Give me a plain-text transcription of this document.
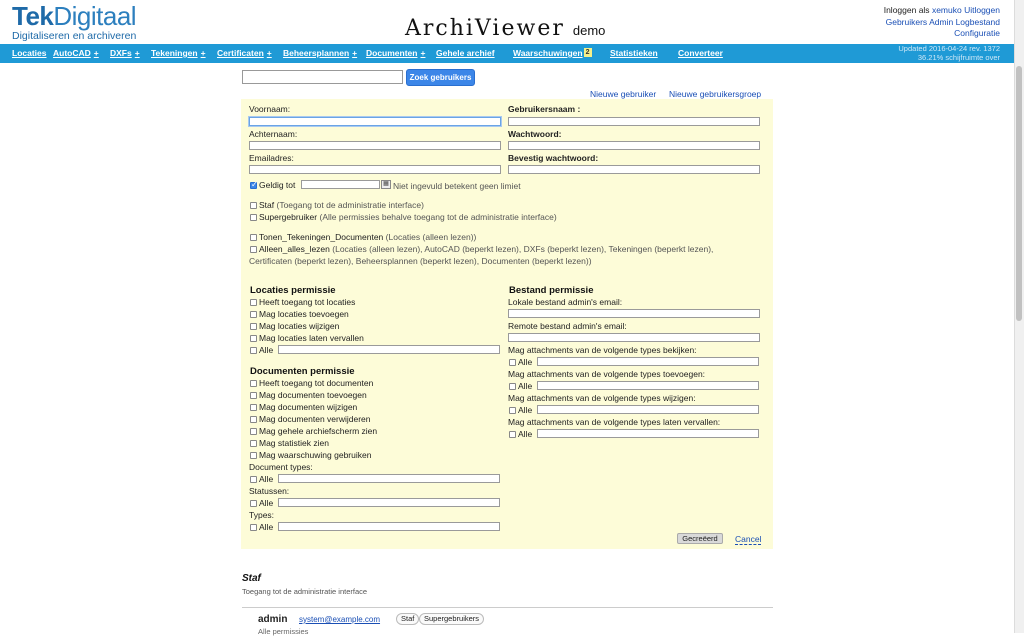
TekDigitaal
Digitaliseren en archiveren	ArchiViewer demo
Inloggen als xemuko Uitloggen
Gebruikers Admin Logbestand
Configuratie
Locaties AutoCAD + DXFs + Tekeningen + Certificaten + Beheersplannen + Documenten + Gehele archief Waarschuwingen 2 Statistieken Converteer	Updated 2016-04-24 rev. 1372
36.21% schijfruimte over
Zoek gebruikers
Nieuwe gebruiker Nieuwe gebruikersgroep
Voornaam:
Achternaam:
Emailadres:
Gebruikersnaam :
Wachtwoord:
Bevestig wachtwoord:
✓
Geldig tot	▦ Niet ingevuld betekent geen limiet
Staf (Toegang tot de administratie interface)
Supergebruiker (Alle permissies behalve toegang tot de administratie interface)
Tonen_Tekeningen_Documenten (Locaties (alleen lezen))
Alleen_alles_lezen (Locaties (alleen lezen), AutoCAD (beperkt lezen), DXFs (beperkt lezen), Tekeningen (beperkt lezen),
Certificaten (beperkt lezen), Beheersplannen (beperkt lezen), Documenten (beperkt lezen))
Locaties permissie
Heeft toegang tot locaties
Mag locaties toevoegen
Mag locaties wijzigen
Mag locaties laten vervallen
Alle
Documenten permissie
Heeft toegang tot documenten
Mag documenten toevoegen
Mag documenten wijzigen
Mag documenten verwijderen
Mag gehele archiefscherm zien
Mag statistiek zien
Mag waarschuwing gebruiken
Document types:
Alle
Statussen:
Alle
Types:
Alle
Bestand permissie
Lokale bestand admin's email:
Remote bestand admin's email:
Mag attachments van de volgende types bekijken:
Alle
Mag attachments van de volgende types toevoegen:
Alle
Mag attachments van de volgende types wijzigen:
Alle
Mag attachments van de volgende types laten vervallen:
Alle
Gecreëerd	Cancel
Staf
Toegang tot de administratie interface
admin system@example.com	Staf	Supergebruikers
Alle permissies
